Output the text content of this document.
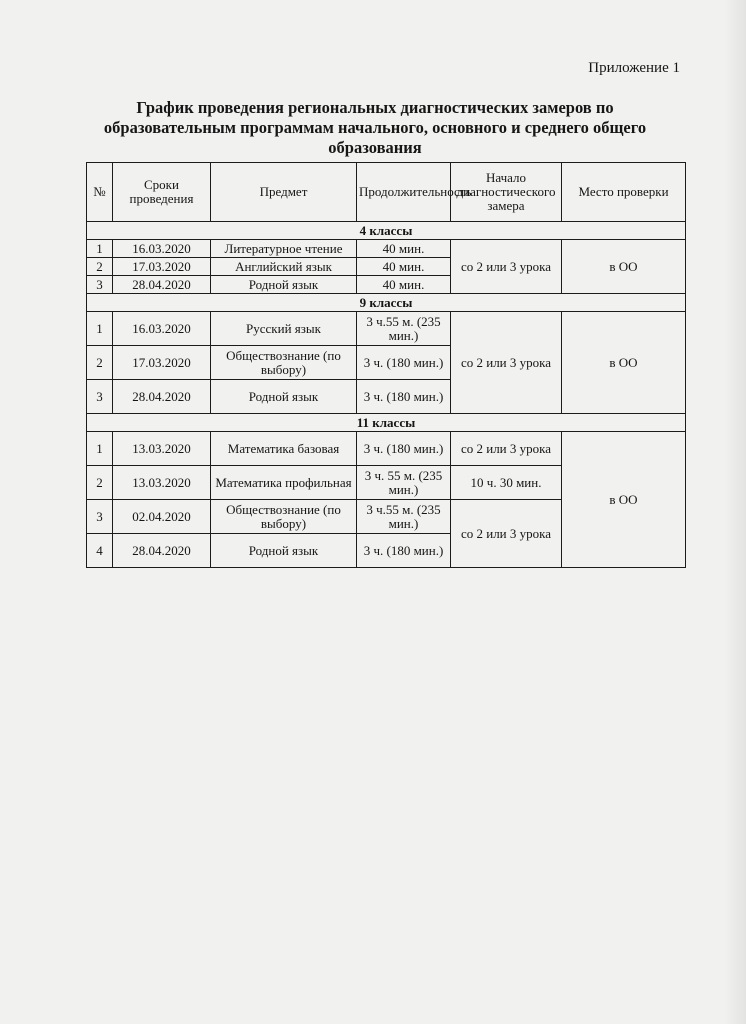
Приложение 1
График проведения региональных диагностических замеров по образовательным программам начального, основного и среднего общего образования
№	Сроки проведения	Предмет	Продолжительность	Начало диагностического замера	Место проверки
4 классы					
1	16.03.2020	Литературное чтение	40 мин.	со 2 или 3 урока	в ОО
2	17.03.2020	Английский язык	40 мин.		
3	28.04.2020	Родной язык	40 мин.		
9 классы					
1	16.03.2020	Русский язык	3 ч.55 м. (235 мин.)	со 2 или 3 урока	в ОО
2	17.03.2020	Обществознание (по выбору)	3 ч. (180 мин.)		
3	28.04.2020	Родной язык	3 ч. (180 мин.)		
11 классы					
1	13.03.2020	Математика базовая	3 ч. (180 мин.)	со 2 или 3 урока	в ОО
2	13.03.2020	Математика профильная	3 ч. 55 м. (235 мин.)	10 ч. 30 мин.	
3	02.04.2020	Обществознание (по выбору)	3 ч.55 м. (235 мин.)	со 2 или 3 урока	
4	28.04.2020	Родной язык	3 ч. (180 мин.)		
